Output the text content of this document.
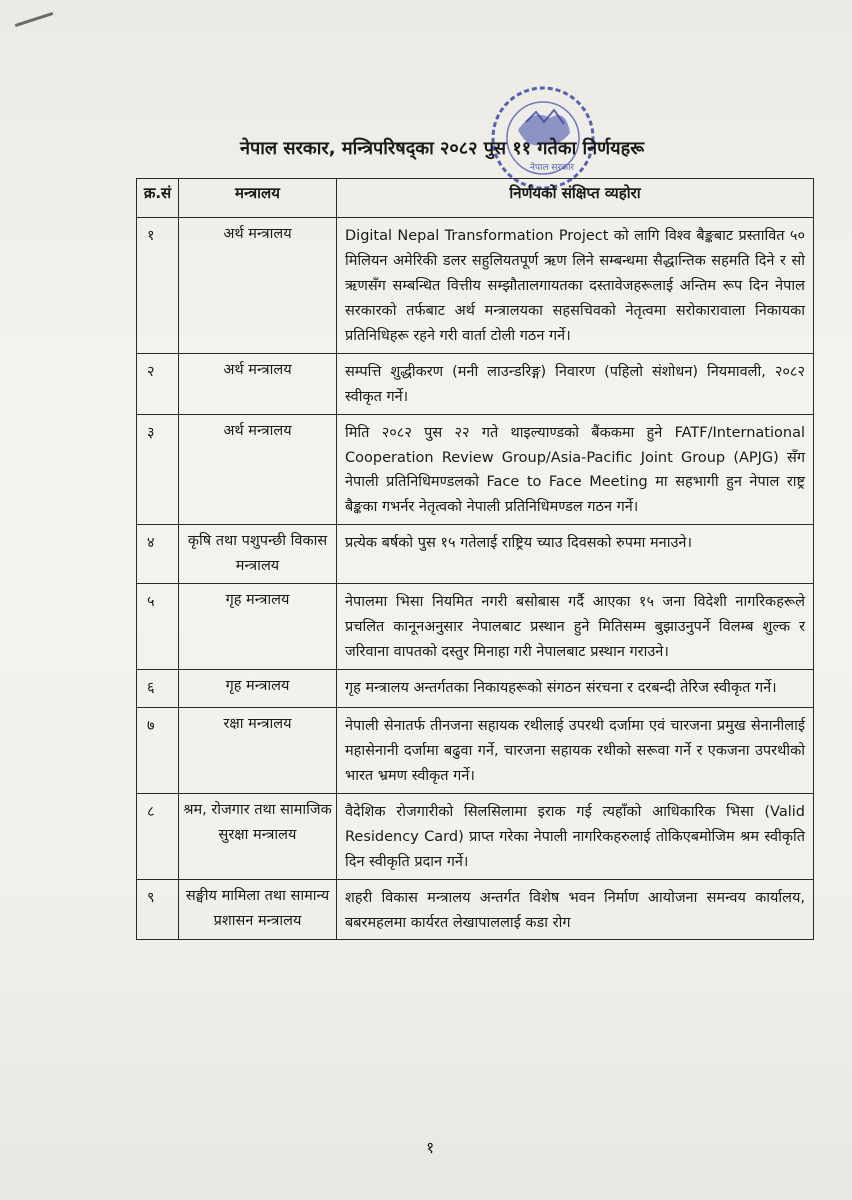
नेपाल सरकार
नेपाल सरकार, मन्त्रिपरिषद्का २०८२ पुस ११ गतेका निर्णयहरू
क्र.सं	मन्त्रालय	निर्णयको संक्षिप्त व्यहोरा
१	अर्थ मन्त्रालय	Digital Nepal Transformation Project को लागि विश्व बैङ्कबाट प्रस्तावित ५० मिलियन अमेरिकी डलर सहुलियतपूर्ण ऋण लिने सम्बन्धमा सैद्धान्तिक सहमति दिने र सो ऋणसँग सम्बन्धित वित्तीय सम्झौतालगायतका दस्तावेजहरूलाई अन्तिम रूप दिन नेपाल सरकारको तर्फबाट अर्थ मन्त्रालयका सहसचिवको नेतृत्वमा सरोकारावाला निकायका प्रतिनिधिहरू रहने गरी वार्ता टोली गठन गर्ने।
२	अर्थ मन्त्रालय	सम्पत्ति शुद्धीकरण (मनी लाउन्डरिङ्ग) निवारण (पहिलो संशोधन) नियमावली, २०८२ स्वीकृत गर्ने।
३	अर्थ मन्त्रालय	मिति २०८२ पुस २२ गते थाइल्याण्डको बैंककमा हुने FATF/International Cooperation Review Group/Asia-Pacific Joint Group (APJG) सँग नेपाली प्रतिनिधिमण्डलको Face to Face Meeting मा सहभागी हुन नेपाल राष्ट्र बैङ्कका गभर्नर नेतृत्वको नेपाली प्रतिनिधिमण्डल गठन गर्ने।
४	कृषि तथा पशुपन्छी विकास मन्त्रालय	प्रत्येक बर्षको पुस १५ गतेलाई राष्ट्रिय च्याउ दिवसको रुपमा मनाउने।
५	गृह मन्त्रालय	नेपालमा भिसा नियमित नगरी बसोबास गर्दै आएका १५ जना विदेशी नागरिकहरूले प्रचलित कानूनअनुसार नेपालबाट प्रस्थान हुने मितिसम्म बुझाउनुपर्ने विलम्ब शुल्क र जरिवाना वापतको दस्तुर मिनाहा गरी नेपालबाट प्रस्थान गराउने।
६	गृह मन्त्रालय	गृह मन्त्रालय अन्तर्गतका निकायहरूको संगठन संरचना र दरबन्दी तेरिज स्वीकृत गर्ने।
७	रक्षा मन्त्रालय	नेपाली सेनातर्फ तीनजना सहायक रथीलाई उपरथी दर्जामा एवं चारजना प्रमुख सेनानीलाई महासेनानी दर्जामा बढुवा गर्ने, चारजना सहायक रथीको सरूवा गर्ने र एकजना उपरथीको भारत भ्रमण स्वीकृत गर्ने।
८	श्रम, रोजगार तथा सामाजिक सुरक्षा मन्त्रालय	वैदेशिक रोजगारीको सिलसिलामा इराक गई त्यहाँको आधिकारिक भिसा (Valid Residency Card) प्राप्त गरेका नेपाली नागरिकहरुलाई तोकिएबमोजिम श्रम स्वीकृति दिन स्वीकृति प्रदान गर्ने।
९	सङ्घीय मामिला तथा सामान्य प्रशासन मन्त्रालय	शहरी विकास मन्त्रालय अन्तर्गत विशेष भवन निर्माण आयोजना समन्वय कार्यालय, बबरमहलमा कार्यरत लेखापाललाई कडा रोग
१
